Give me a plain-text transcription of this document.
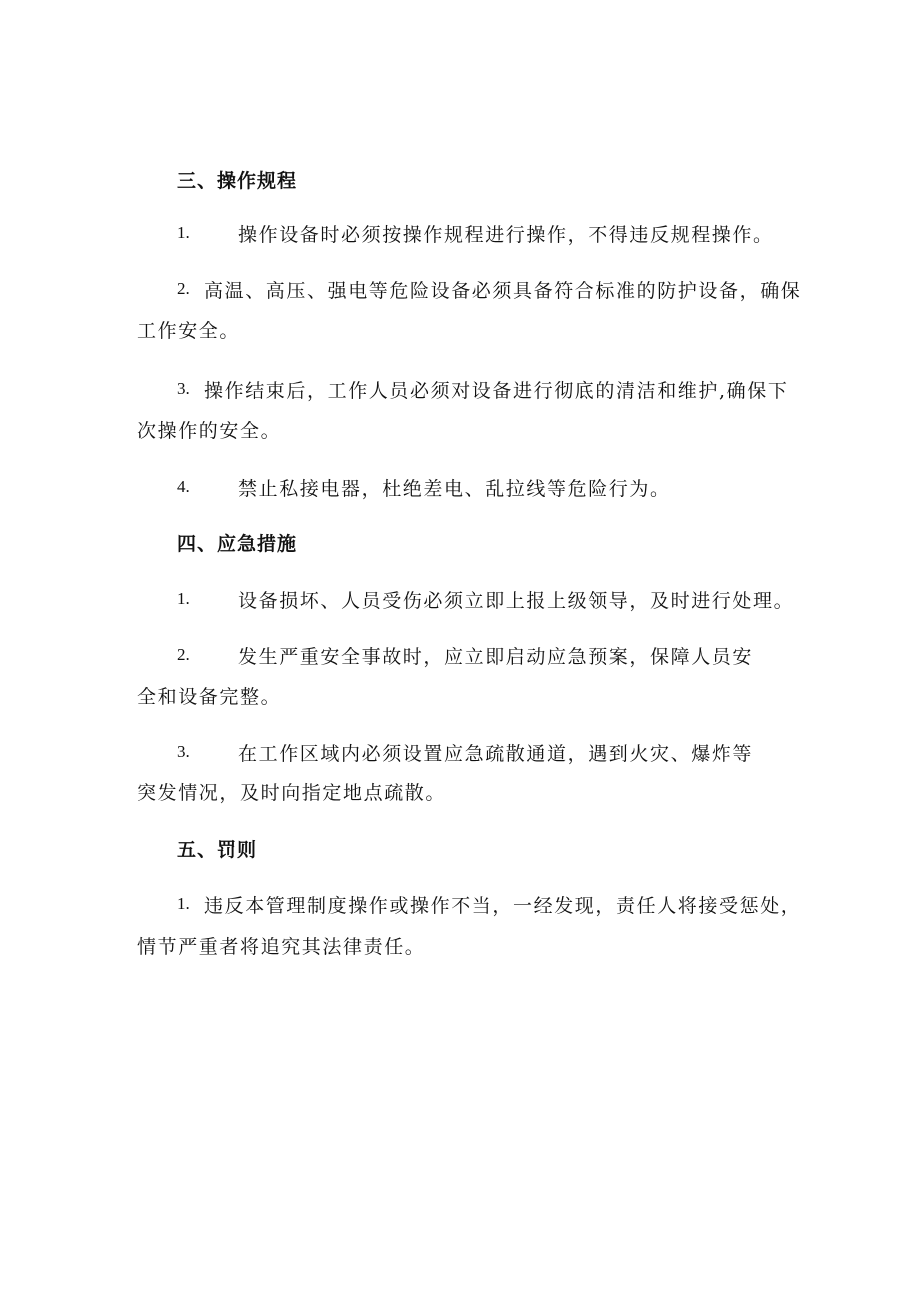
三、操作规程
1.	操作设备时必须按操作规程进行操作，不得违反规程操作。
2. 高温、高压、强电等危险设备必须具备符合标准的防护设备，确保
工作安全。
3. 操作结束后，工作人员必须对设备进行彻底的清洁和维护,确保下
次操作的安全。
4.	禁止私接电器，杜绝差电、乱拉线等危险行为。
四、应急措施
1.	设备损坏、人员受伤必须立即上报上级领导，及时进行处理。
2.	发生严重安全事故时，应立即启动应急预案，保障人员安
全和设备完整。
3.	在工作区域内必须设置应急疏散通道，遇到火灾、爆炸等
突发情况，及时向指定地点疏散。
五、罚则
1. 违反本管理制度操作或操作不当，一经发现，责任人将接受惩处，
情节严重者将追究其法律责任。
